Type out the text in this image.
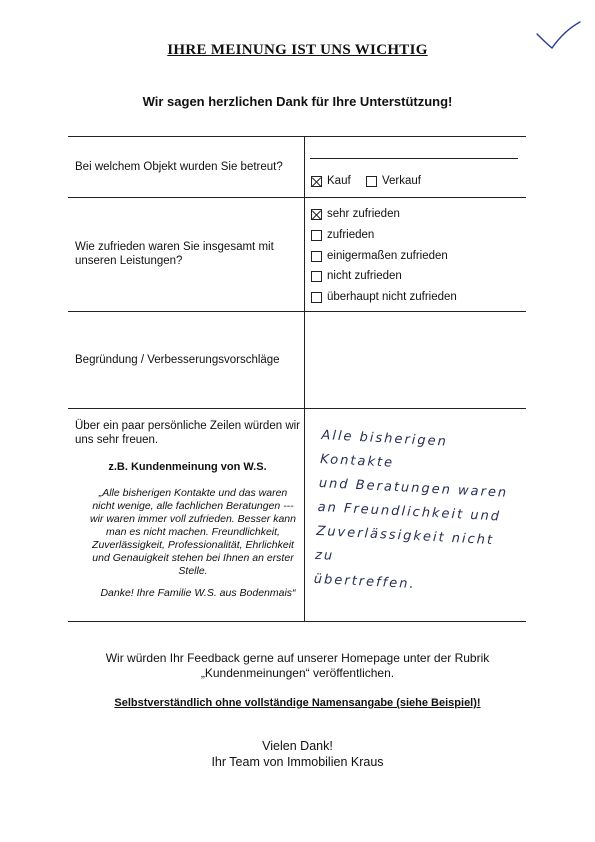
IHRE MEINUNG IST UNS WICHTIG
Wir sagen herzlichen Dank für Ihre Unterstützung!
Bei welchem Objekt wurden Sie betreut?
Kauf	Verkauf
Wie zufrieden waren Sie insgesamt mit unseren Leistungen?
sehr zufrieden
zufrieden
einigermaßen zufrieden
nicht zufrieden
überhaupt nicht zufrieden
Begründung / Verbesserungsvorschläge
Über ein paar persönliche Zeilen würden wir uns sehr freuen.
z.B. Kundenmeinung von W.S.
„Alle bisherigen Kontakte und das waren nicht wenige, alle fachlichen Beratungen --- wir waren immer voll zufrieden. Besser kann man es nicht machen. Freundlichkeit, Zuverlässigkeit, Professionalität, Ehrlichkeit und Genauigkeit stehen bei Ihnen an erster Stelle.
Danke! Ihre Familie W.S. aus Bodenmais“
Alle bisherigen Kontakte
und Beratungen waren
an Freundlichkeit und
Zuverlässigkeit nicht zu
übertreffen.
Wir würden Ihr Feedback gerne auf unserer Homepage unter der Rubrik
„Kundenmeinungen“ veröffentlichen.
Selbstverständlich ohne vollständige Namensangabe (siehe Beispiel)!
Vielen Dank!
Ihr Team von Immobilien Kraus
